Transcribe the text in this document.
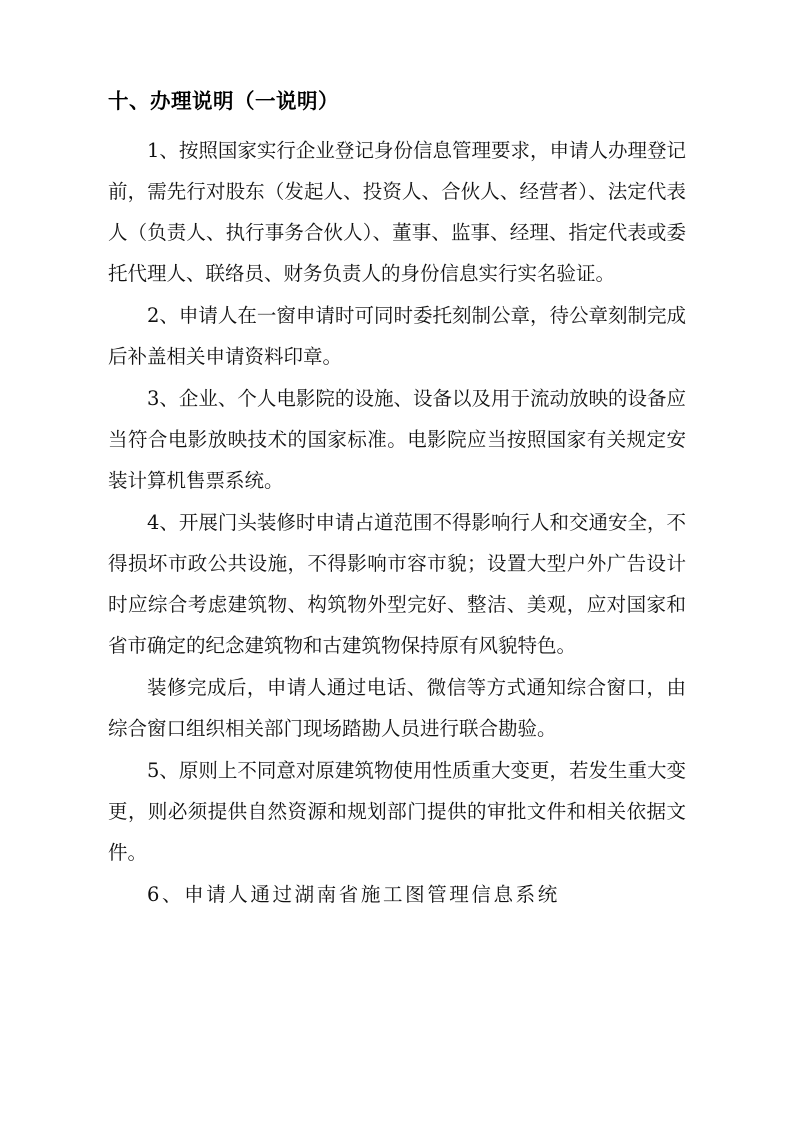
十、办理说明（一说明）

1、按照国家实行企业登记身份信息管理要求，申请人办理登记前，需先行对股东（发起人、投资人、合伙人、经营者）、法定代表人（负责人、执行事务合伙人）、董事、监事、经理、指定代表或委托代理人、联络员、财务负责人的身份信息实行实名验证。

2、申请人在一窗申请时可同时委托刻制公章，待公章刻制完成后补盖相关申请资料印章。

3、企业、个人电影院的设施、设备以及用于流动放映的设备应当符合电影放映技术的国家标准。电影院应当按照国家有关规定安装计算机售票系统。

4、开展门头装修时申请占道范围不得影响行人和交通安全，不得损坏市政公共设施，不得影响市容市貌；设置大型户外广告设计时应综合考虑建筑物、构筑物外型完好、整洁、美观，应对国家和省市确定的纪念建筑物和古建筑物保持原有风貌特色。

装修完成后，申请人通过电话、微信等方式通知综合窗口，由综合窗口组织相关部门现场踏勘人员进行联合勘验。

5、原则上不同意对原建筑物使用性质重大变更，若发生重大变更，则必须提供自然资源和规划部门提供的审批文件和相关依据文件。

6、申请人通过湖南省施工图管理信息系统
